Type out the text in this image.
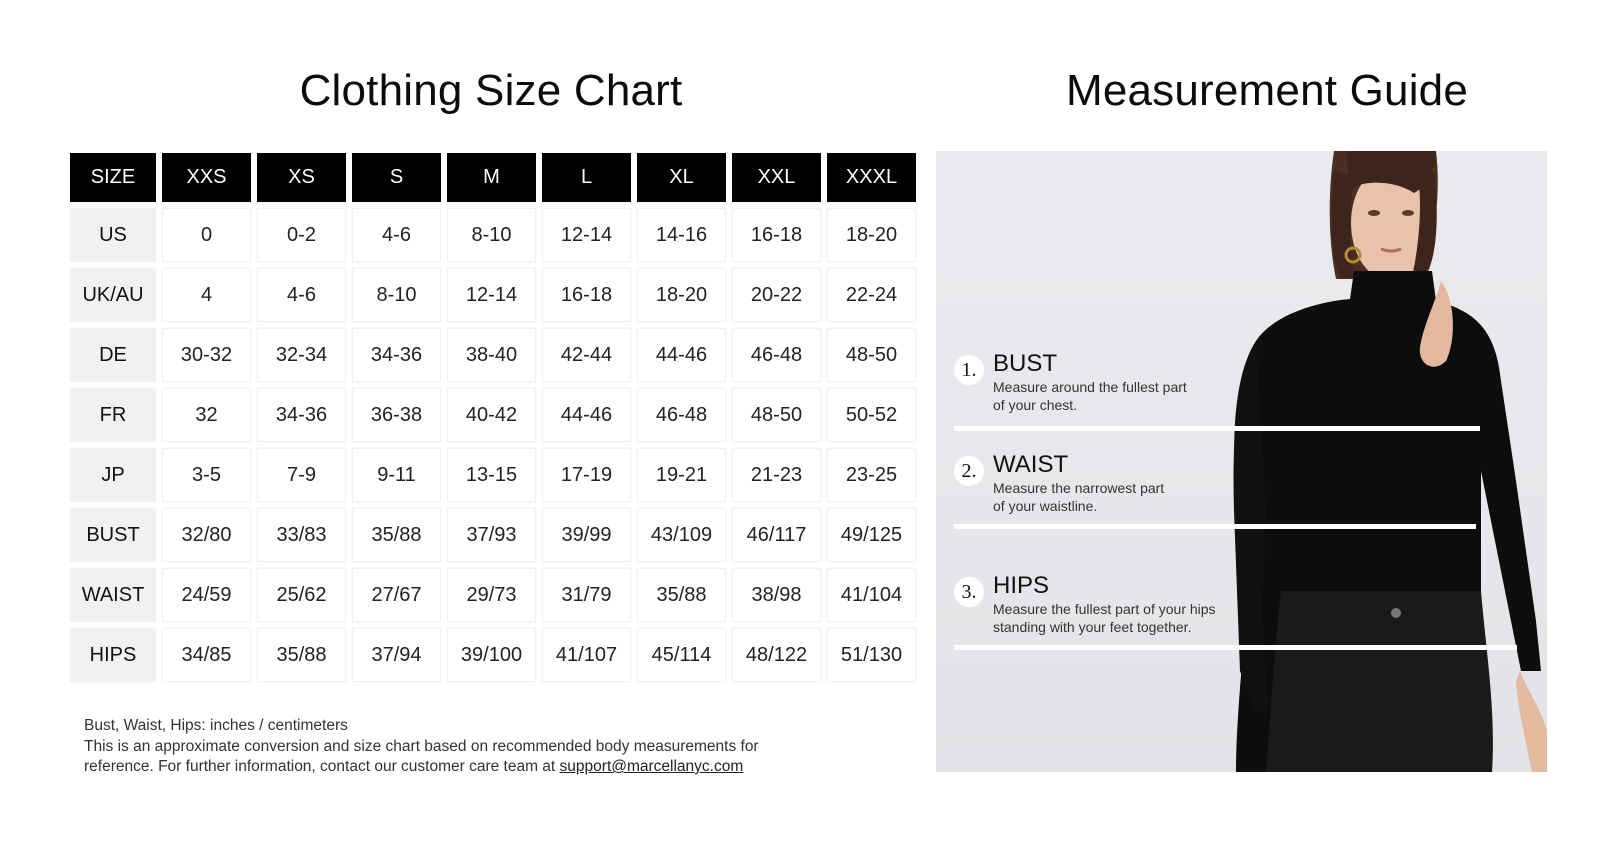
Clothing Size Chart	Measurement Guide
SIZE	XXS	XS	S	M	L	XL	XXL	XXXL
US	0	0-2	4-6	8-10	12-14	14-16	16-18	18-20
UK/AU	4	4-6	8-10	12-14	16-18	18-20	20-22	22-24
DE	30-32	32-34	34-36	38-40	42-44	44-46	46-48	48-50
FR	32	34-36	36-38	40-42	44-46	46-48	48-50	50-52
JP	3-5	7-9	9-11	13-15	17-19	19-21	21-23	23-25
BUST	32/80	33/83	35/88	37/93	39/99	43/109	46/117	49/125
WAIST	24/59	25/62	27/67	29/73	31/79	35/88	38/98	41/104
HIPS	34/85	35/88	37/94	39/100	41/107	45/114	48/122	51/130
Bust, Waist, Hips: inches / centimeters
This is an approximate conversion and size chart based on recommended body measurements for
reference. For further information, contact our customer care team at support@marcellanyc.com
1. BUST
Measure around the fullest part
of your chest.
2. WAIST
Measure the narrowest part
of your waistline.
3. HIPS
Measure the fullest part of your hips
standing with your feet together.
